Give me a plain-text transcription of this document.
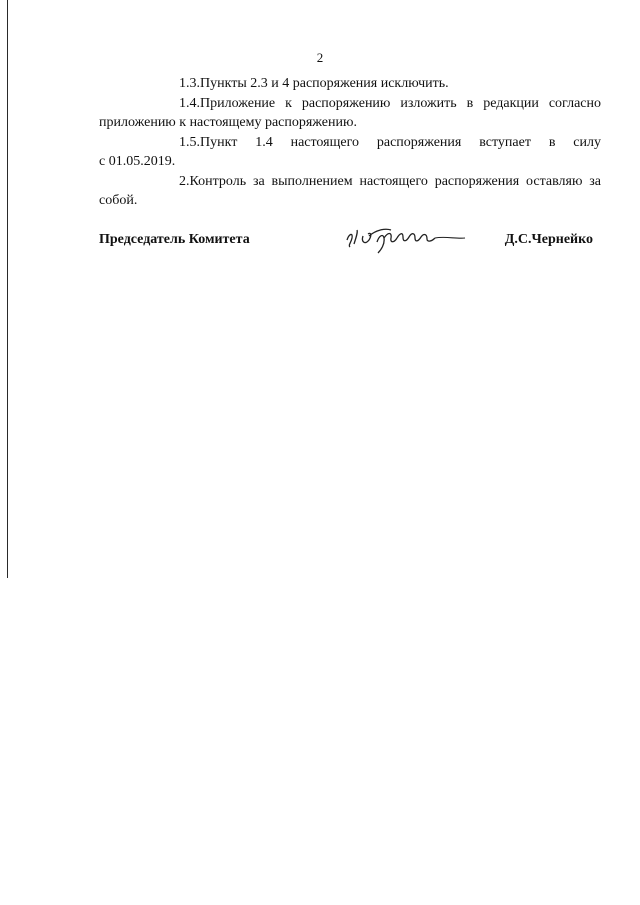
2

1.3.Пункты 2.3 и 4 распоряжения исключить.

1.4.Приложение к распоряжению изложить в редакции согласно приложению к настоящему распоряжению.

1.5.Пункт 1.4 настоящего распоряжения вступает в силу

с 01.05.2019.

2.Контроль за выполнением настоящего распоряжения оставляю за собой.

Председатель Комитета	Д.С.Чернейко
